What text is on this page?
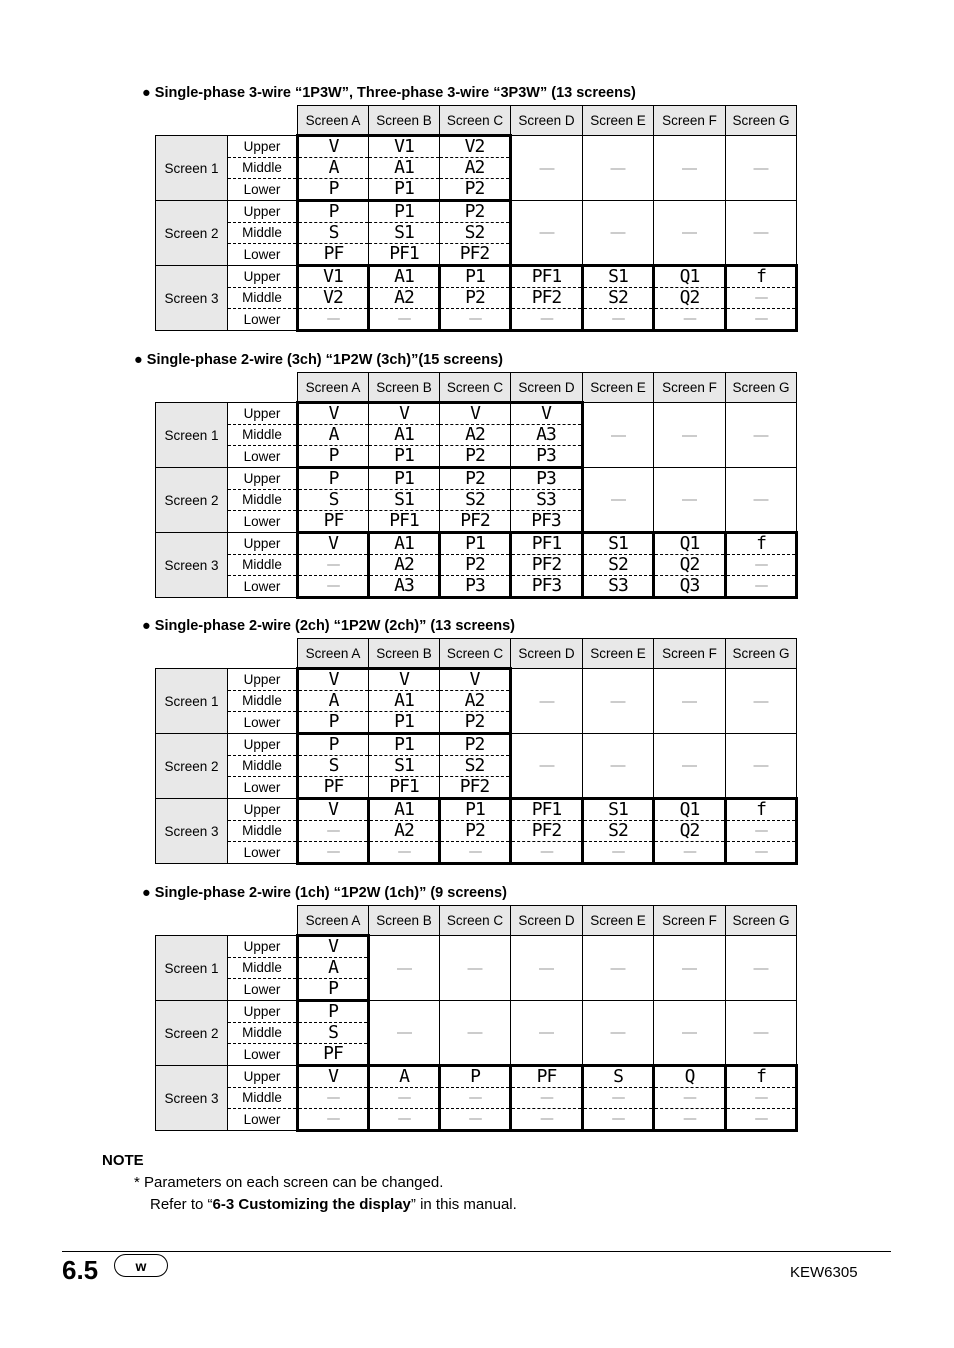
● Single-phase 3-wire “1P3W”, Three-phase 3-wire “3P3W” (13 screens)
		Screen A	Screen B	Screen C	Screen D	Screen E	Screen F	Screen G
Screen 1	Upper	V	V1	V2	—	—	—	—
	Middle	A	A1	A2				
	Lower	P	P1	P2				
Screen 2	Upper	P	P1	P2	—	—	—	—
	Middle	S	S1	S2				
	Lower	PF	PF1	PF2				
Screen 3	Upper	V1	A1	P1	PF1	S1	Q1	f
	Middle	V2	A2	P2	PF2	S2	Q2	—
	Lower	—	—	—	—	—	—	—
● Single-phase 2-wire (3ch) “1P2W (3ch)”(15 screens)
		Screen A	Screen B	Screen C	Screen D	Screen E	Screen F	Screen G
Screen 1	Upper	V	V	V	V	—	—	—
	Middle	A	A1	A2	A3			
	Lower	P	P1	P2	P3			
Screen 2	Upper	P	P1	P2	P3	—	—	—
	Middle	S	S1	S2	S3			
	Lower	PF	PF1	PF2	PF3			
Screen 3	Upper	V	A1	P1	PF1	S1	Q1	f
	Middle	—	A2	P2	PF2	S2	Q2	—
	Lower	—	A3	P3	PF3	S3	Q3	—
● Single-phase 2-wire (2ch) “1P2W (2ch)” (13 screens)
		Screen A	Screen B	Screen C	Screen D	Screen E	Screen F	Screen G
Screen 1	Upper	V	V	V	—	—	—	—
	Middle	A	A1	A2				
	Lower	P	P1	P2				
Screen 2	Upper	P	P1	P2	—	—	—	—
	Middle	S	S1	S2				
	Lower	PF	PF1	PF2				
Screen 3	Upper	V	A1	P1	PF1	S1	Q1	f
	Middle	—	A2	P2	PF2	S2	Q2	—
	Lower	—	—	—	—	—	—	—
● Single-phase 2-wire (1ch) “1P2W (1ch)” (9 screens)
		Screen A	Screen B	Screen C	Screen D	Screen E	Screen F	Screen G
Screen 1	Upper	V	—	—	—	—	—	—
	Middle	A						
	Lower	P						
Screen 2	Upper	P	—	—	—	—	—	—
	Middle	S						
	Lower	PF						
Screen 3	Upper	V	A	P	PF	S	Q	f
	Middle	—	—	—	—	—	—	—
	Lower	—	—	—	—	—	—	—
NOTE
* Parameters on each screen can be changed.
Refer to “6-3 Customizing the display” in this manual.
6.5	w	KEW6305
